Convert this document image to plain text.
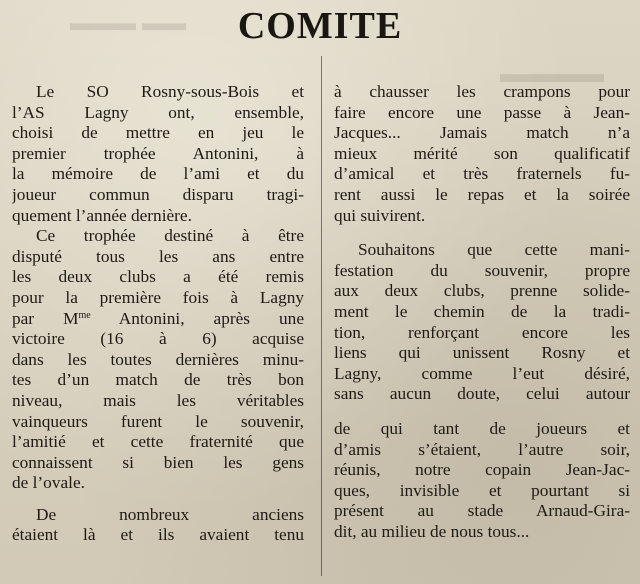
▬▬▬ ▬▬
▬▬▬▬
COMITE
Le SO Rosny-sous-Bois et
l’AS Lagny ont, ensemble,
choisi de mettre en jeu le
premier trophée Antonini, à
la mémoire de l’ami et du
joueur commun disparu tragi-
quement l’année dernière.
Ce trophée destiné à être
disputé tous les ans entre
les deux clubs a été remis
pour la première fois à Lagny
par $M^{me}$ Antonini, après une
victoire (16 à 6) acquise
dans les toutes dernières minu-
tes d’un match de très bon
niveau, mais les véritables
vainqueurs furent le souvenir,
l’amitié et cette fraternité que
connaissent si bien les gens
de l’ovale.
De nombreux anciens
étaient là et ils avaient tenu
à chausser les crampons pour
faire encore une passe à Jean-
Jacques... Jamais match n’a
mieux mérité son qualificatif
d’amical et très fraternels fu-
rent aussi le repas et la soirée
qui suivirent.
Souhaitons que cette mani-
festation du souvenir, propre
aux deux clubs, prenne solide-
ment le chemin de la tradi-
tion, renforçant encore les
liens qui unissent Rosny et
Lagny, comme l’eut désiré,
sans aucun doute, celui autour
de qui tant de joueurs et
d’amis s’étaient, l’autre soir,
réunis, notre copain Jean-Jac-
ques, invisible et pourtant si
présent au stade Arnaud-Gira-
dit, au milieu de nous tous...
